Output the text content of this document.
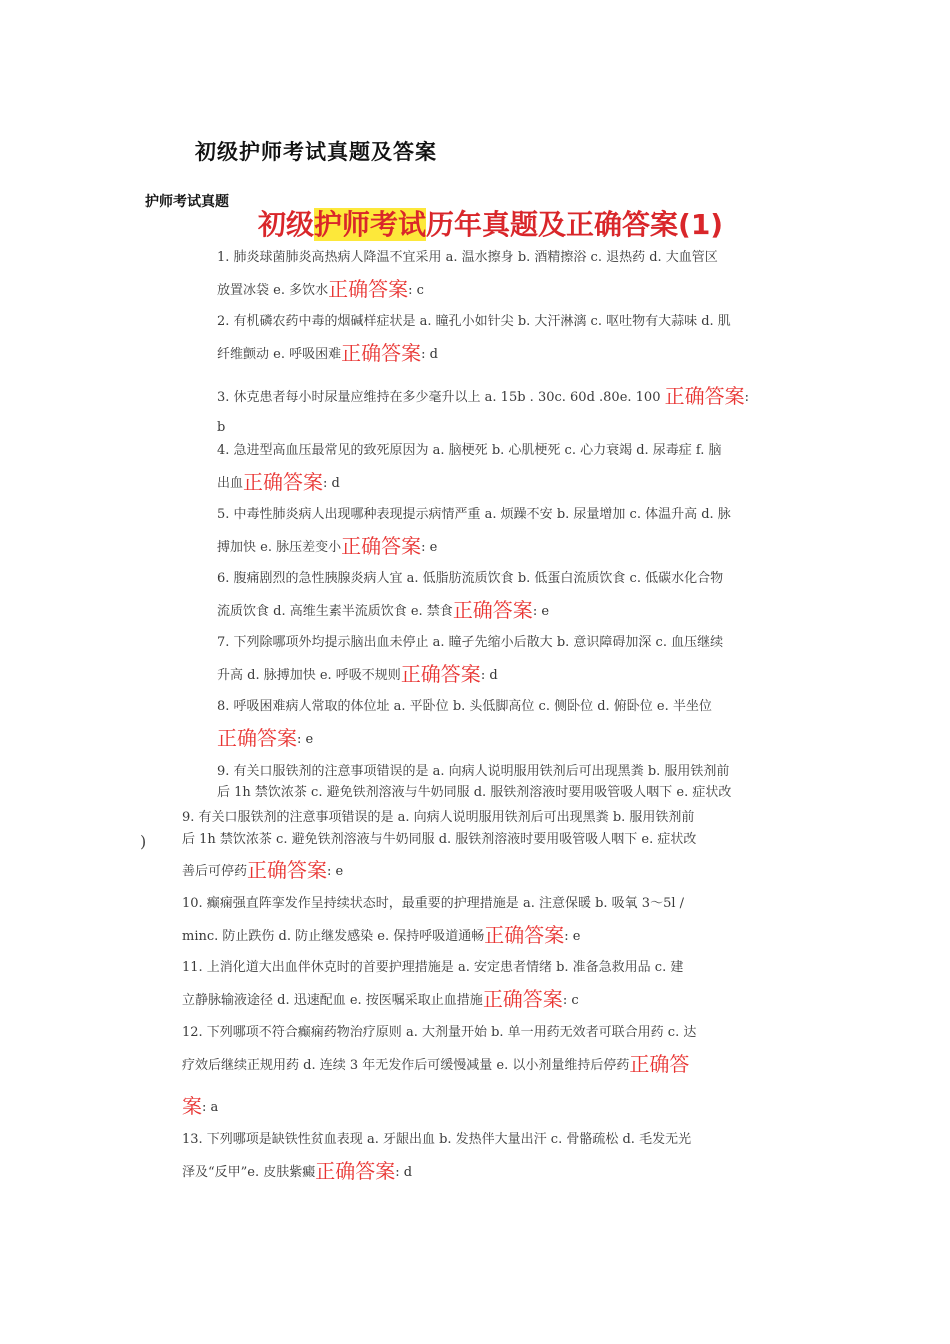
初级护师考试真题及答案
护师考试真题
初级护师考试历年真题及正确答案(1)
)
1. 肺炎球菌肺炎高热病人降温不宜采用 a. 温水擦身 b. 酒精擦浴 c. 退热药 d. 大血管区
放置冰袋 e. 多饮水正确答案: c
2. 有机磷农药中毒的烟碱样症状是 a. 瞳孔小如针尖 b. 大汗淋漓 c. 呕吐物有大蒜味 d. 肌
纤维颤动 e. 呼吸困难正确答案: d
3. 休克患者每小时尿量应维持在多少毫升以上 a. 15b . 30c. 60d .80e. 100 正确答案:
b
4. 急进型高血压最常见的致死原因为 a. 脑梗死 b. 心肌梗死 c. 心力衰竭 d. 尿毒症 f. 脑
出血正确答案: d
5. 中毒性肺炎病人出现哪种表现提示病情严重 a. 烦躁不安 b. 尿量增加 c. 体温升高 d. 脉
搏加快 e. 脉压差变小正确答案: e
6. 腹痛剧烈的急性胰腺炎病人宜 a. 低脂肪流质饮食 b. 低蛋白流质饮食 c. 低碳水化合物
流质饮食 d. 高维生素半流质饮食 e. 禁食正确答案: e
7. 下列除哪项外均提示脑出血未停止 a. 瞳孑先缩小后散大 b. 意识障碍加深 c. 血压继续
升高 d. 脉搏加快 e. 呼吸不规则正确答案: d
8. 呼吸困难病人常取的体位址 a. 平卧位 b. 头低脚高位 c. 侧卧位 d. 俯卧位 e. 半坐位
正确答案: e
9. 有关口服铁剂的注意事项错误的是 a. 向病人说明服用铁剂后可出现黑粪 b. 服用铁剂前
后 1h 禁饮浓茶 c. 避免铁剂溶液与牛奶同服 d. 服铁剂溶液时要用吸管吸人咽下 e. 症状改
9. 有关口服铁剂的注意事项错误的是 a. 向病人说明服用铁剂后可出现黑粪 b. 服用铁剂前
后 1h 禁饮浓茶 c. 避免铁剂溶液与牛奶同服 d. 服铁剂溶液时要用吸管吸人咽下 e. 症状改
善后可停药正确答案: e
10. 癫痫强直阵挛发作呈持续状态时，最重要的护理措施是 a. 注意保暖 b. 吸氧 3～5l /
minc. 防止跌伤 d. 防止继发感染 e. 保持呼吸道通畅正确答案: e
11. 上消化道大出血伴休克时的首要护理措施是 a. 安定患者情绪 b. 准备急救用品 c. 建
立静脉输液途径 d. 迅速配血 e. 按医嘱采取止血措施正确答案: c
12. 下列哪项不符合癫痫药物治疗原则 a. 大剂量开始 b. 单一用药无效者可联合用药 c. 达
疗效后继续正规用药 d. 连续 3 年无发作后可缓慢减量 e. 以小剂量维持后停药正确答
案: a
13. 下列哪项是缺铁性贫血表现 a. 牙龈出血 b. 发热伴大量出汗 c. 骨骼疏松 d. 毛发无光
泽及“反甲”e. 皮肤紫癜正确答案: d
